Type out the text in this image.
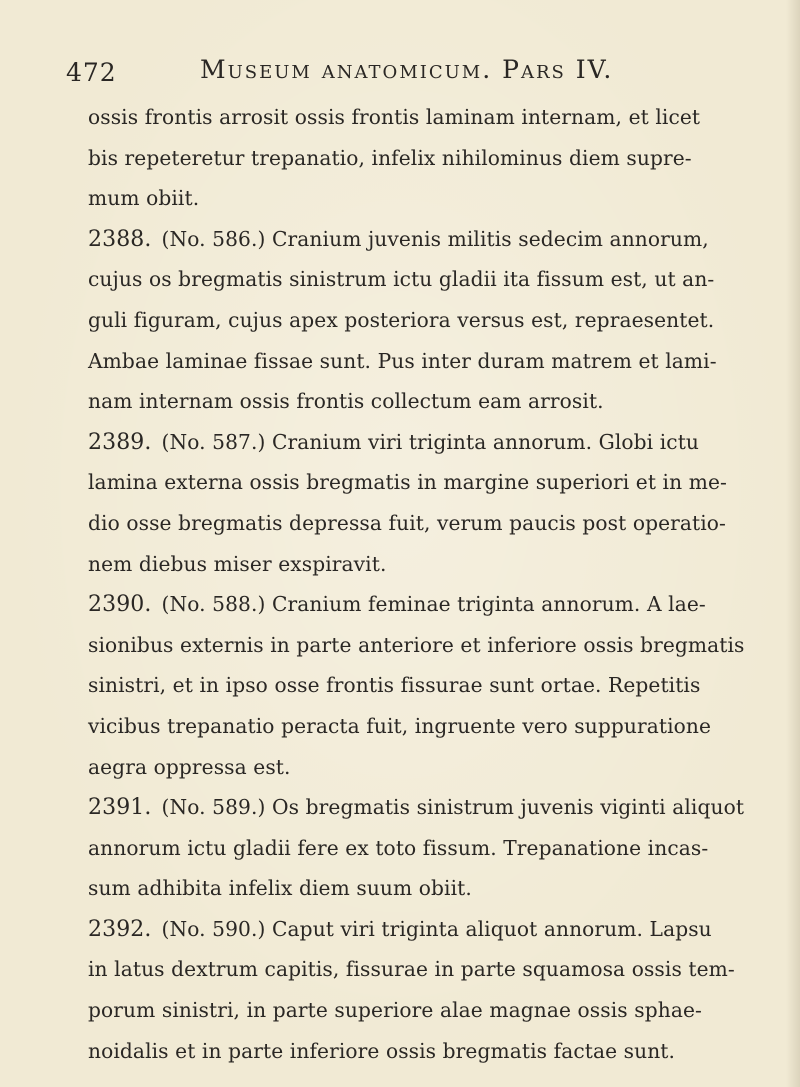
472	Museum anatomicum. Pars IV.
ossis frontis arrosit ossis frontis laminam internam, et licet
bis repeteretur trepanatio, infelix nihilominus diem supre-
mum obiit.
2388. (No. 586.) Cranium juvenis militis sedecim annorum,
cujus os bregmatis sinistrum ictu gladii ita fissum est, ut an-
guli figuram, cujus apex posteriora versus est, repraesentet.
Ambae laminae fissae sunt. Pus inter duram matrem et lami-
nam internam ossis frontis collectum eam arrosit.
2389. (No. 587.) Cranium viri triginta annorum. Globi ictu
lamina externa ossis bregmatis in margine superiori et in me-
dio osse bregmatis depressa fuit, verum paucis post operatio-
nem diebus miser exspiravit.
2390. (No. 588.) Cranium feminae triginta annorum. A lae-
sionibus externis in parte anteriore et inferiore ossis bregmatis
sinistri, et in ipso osse frontis fissurae sunt ortae. Repetitis
vicibus trepanatio peracta fuit, ingruente vero suppuratione
aegra oppressa est.
2391. (No. 589.) Os bregmatis sinistrum juvenis viginti aliquot
annorum ictu gladii fere ex toto fissum. Trepanatione incas-
sum adhibita infelix diem suum obiit.
2392. (No. 590.) Caput viri triginta aliquot annorum. Lapsu
in latus dextrum capitis, fissurae in parte squamosa ossis tem-
porum sinistri, in parte superiore alae magnae ossis sphae-
noidalis et in parte inferiore ossis bregmatis factae sunt.
